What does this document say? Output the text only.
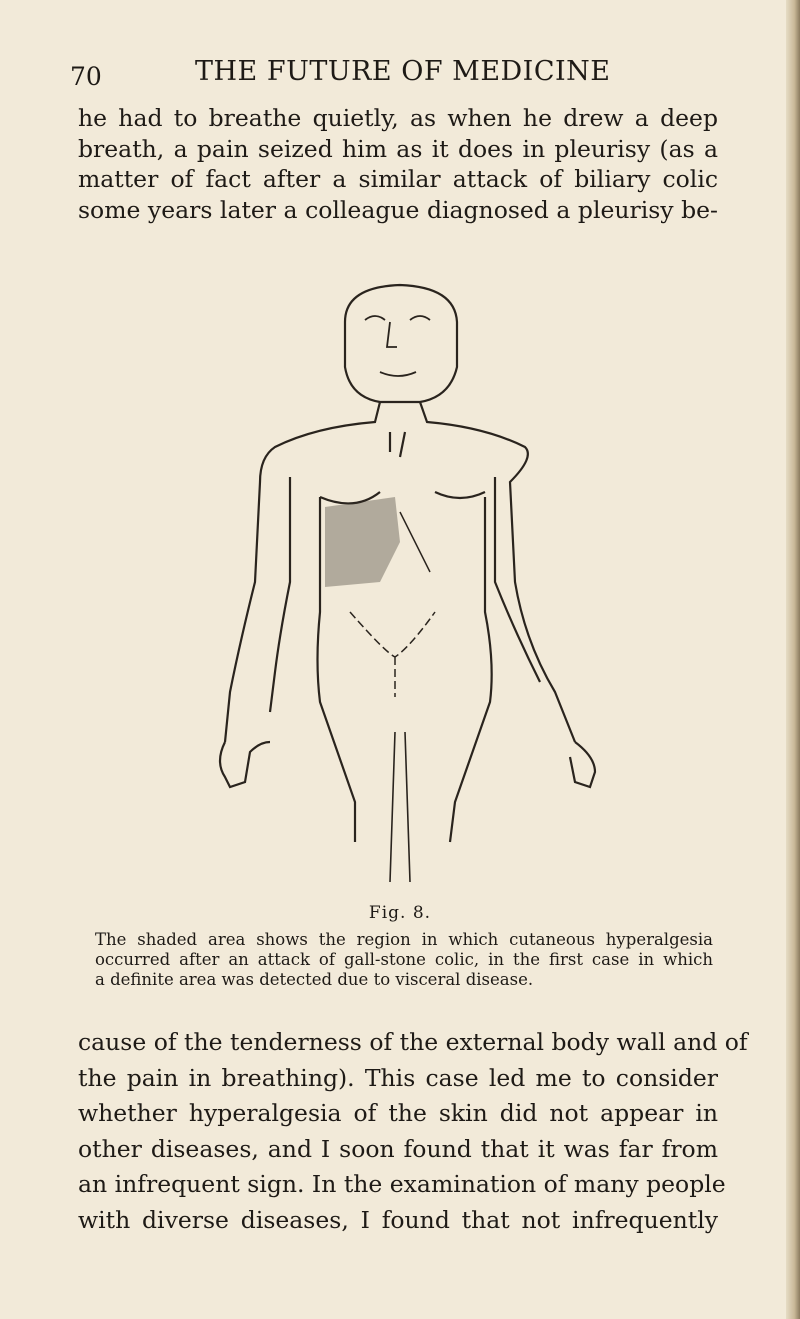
70	THE FUTURE OF MEDICINE
he had to breathe quietly, as when he drew a deep
breath, a pain seized him as it does in pleurisy (as a
matter of fact after a similar attack of biliary colic
some years later a colleague diagnosed a pleurisy be-
Fig. 8.
The shaded area shows the region in which cutaneous hyperalgesia
occurred after an attack of gall-stone colic, in the first case in which
a definite area was detected due to visceral disease.
cause of the tenderness of the external body wall and of
the pain in breathing). This case led me to consider
whether hyperalgesia of the skin did not appear in
other diseases, and I soon found that it was far from
an infrequent sign. In the examination of many people
with diverse diseases, I found that not infrequently
